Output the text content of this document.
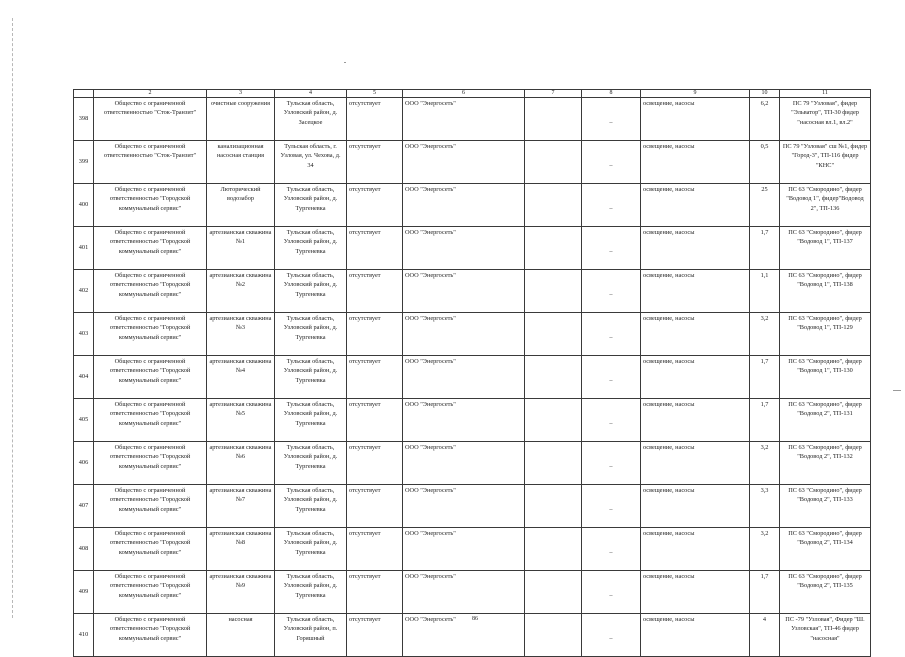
	2	3	4	5	6	7	8	9	10	11
398	Общество с ограниченной ответственностью "Сток-Транзит"	очистные сооружения	Тульская область, Узловский район, д. Засецкое	отсутствует	ООО "Энергосеть"		–	освещение, насосы	6,2	ПС 79 "Узловая", фидер "Эльватор", ТП-30 фидер "насосная вл.1, вл.2"
399	Общество с ограниченной ответственностью "Сток-Транзит"	канализационная насосная станция	Тульская область, г. Узловая, ул. Чехова, д. 34	отсутствует	ООО "Энергосеть"		–	освещение, насосы	0,5	ПС 79 "Узловая" сш №1, фидер "Город-3", ТП-116 фидер "КНС"
400	Общество с ограниченной ответственностью "Городской коммунальный сервис"	Люторический водозабор	Тульская область, Узловский район, д. Тургеневка	отсутствует	ООО "Энергосеть"		–	освещение, насосы	25	ПС 63 "Смородино", фидер "Водовод 1", фидер"Водовод 2", ТП-136
401	Общество с ограниченной ответственностью "Городской коммунальный сервис"	артезианская скважина №1	Тульская область, Узловский район, д. Тургеневка	отсутствует	ООО "Энергосеть"		–	освещение, насосы	1,7	ПС 63 "Смородино", фидер "Водовод 1", ТП-137
402	Общество с ограниченной ответственностью "Городской коммунальный сервис"	артезианская скважина №2	Тульская область, Узловский район, д. Тургеневка	отсутствует	ООО "Энергосеть"		–	освещение, насосы	1,1	ПС 63 "Смородино", фидер "Водовод 1", ТП-138
403	Общество с ограниченной ответственностью "Городской коммунальный сервис"	артезианская скважина №3	Тульская область, Узловский район, д. Тургеневка	отсутствует	ООО "Энергосеть"		–	освещение, насосы	3,2	ПС 63 "Смородино", фидер "Водовод 1", ТП-129
404	Общество с ограниченной ответственностью "Городской коммунальный сервис"	артезианская скважина №4	Тульская область, Узловский район, д. Тургеневка	отсутствует	ООО "Энергосеть"		–	освещение, насосы	1,7	ПС 63 "Смородино", фидер "Водовод 1", ТП-130
405	Общество с ограниченной ответственностью "Городской коммунальный сервис"	артезианская скважина №5	Тульская область, Узловский район, д. Тургеневка	отсутствует	ООО "Энергосеть"		–	освещение, насосы	1,7	ПС 63 "Смородино", фидер "Водовод 2", ТП-131
406	Общество с ограниченной ответственностью "Городской коммунальный сервис"	артезианская скважина №6	Тульская область, Узловский район, д. Тургеневка	отсутствует	ООО "Энергосеть"		–	освещение, насосы	3,2	ПС 63 "Смородино", фидер "Водовод 2", ТП-132
407	Общество с ограниченной ответственностью "Городской коммунальный сервис"	артезианская скважина №7	Тульская область, Узловский район, д. Тургеневка	отсутствует	ООО "Энергосеть"		–	освещение, насосы	3,3	ПС 63 "Смородино", фидер "Водовод 2", ТП-133
408	Общество с ограниченной ответственностью "Городской коммунальный сервис"	артезианская скважина №8	Тульская область, Узловский район, д. Тургеневка	отсутствует	ООО "Энергосеть"		–	освещение, насосы	3,2	ПС 63 "Смородино", фидер "Водовод 2", ТП-134
409	Общество с ограниченной ответственностью "Городской коммунальный сервис"	артезианская скважина №9	Тульская область, Узловский район, д. Тургеневка	отсутствует	ООО "Энергосеть"		–	освещение, насосы	1,7	ПС 63 "Смородино", фидер "Водовод 2", ТП-135
410	Общество с ограниченной ответственностью "Городской коммунальный сервис"	насосная	Тульская область, Узловский район, п. Горяшный	отсутствует	ООО "Энергосеть"		–	освещение, насосы	4	ПС -79 "Узловая", Фидер "Ш. Узловская", ТП-46 фидер "насосная"
86
